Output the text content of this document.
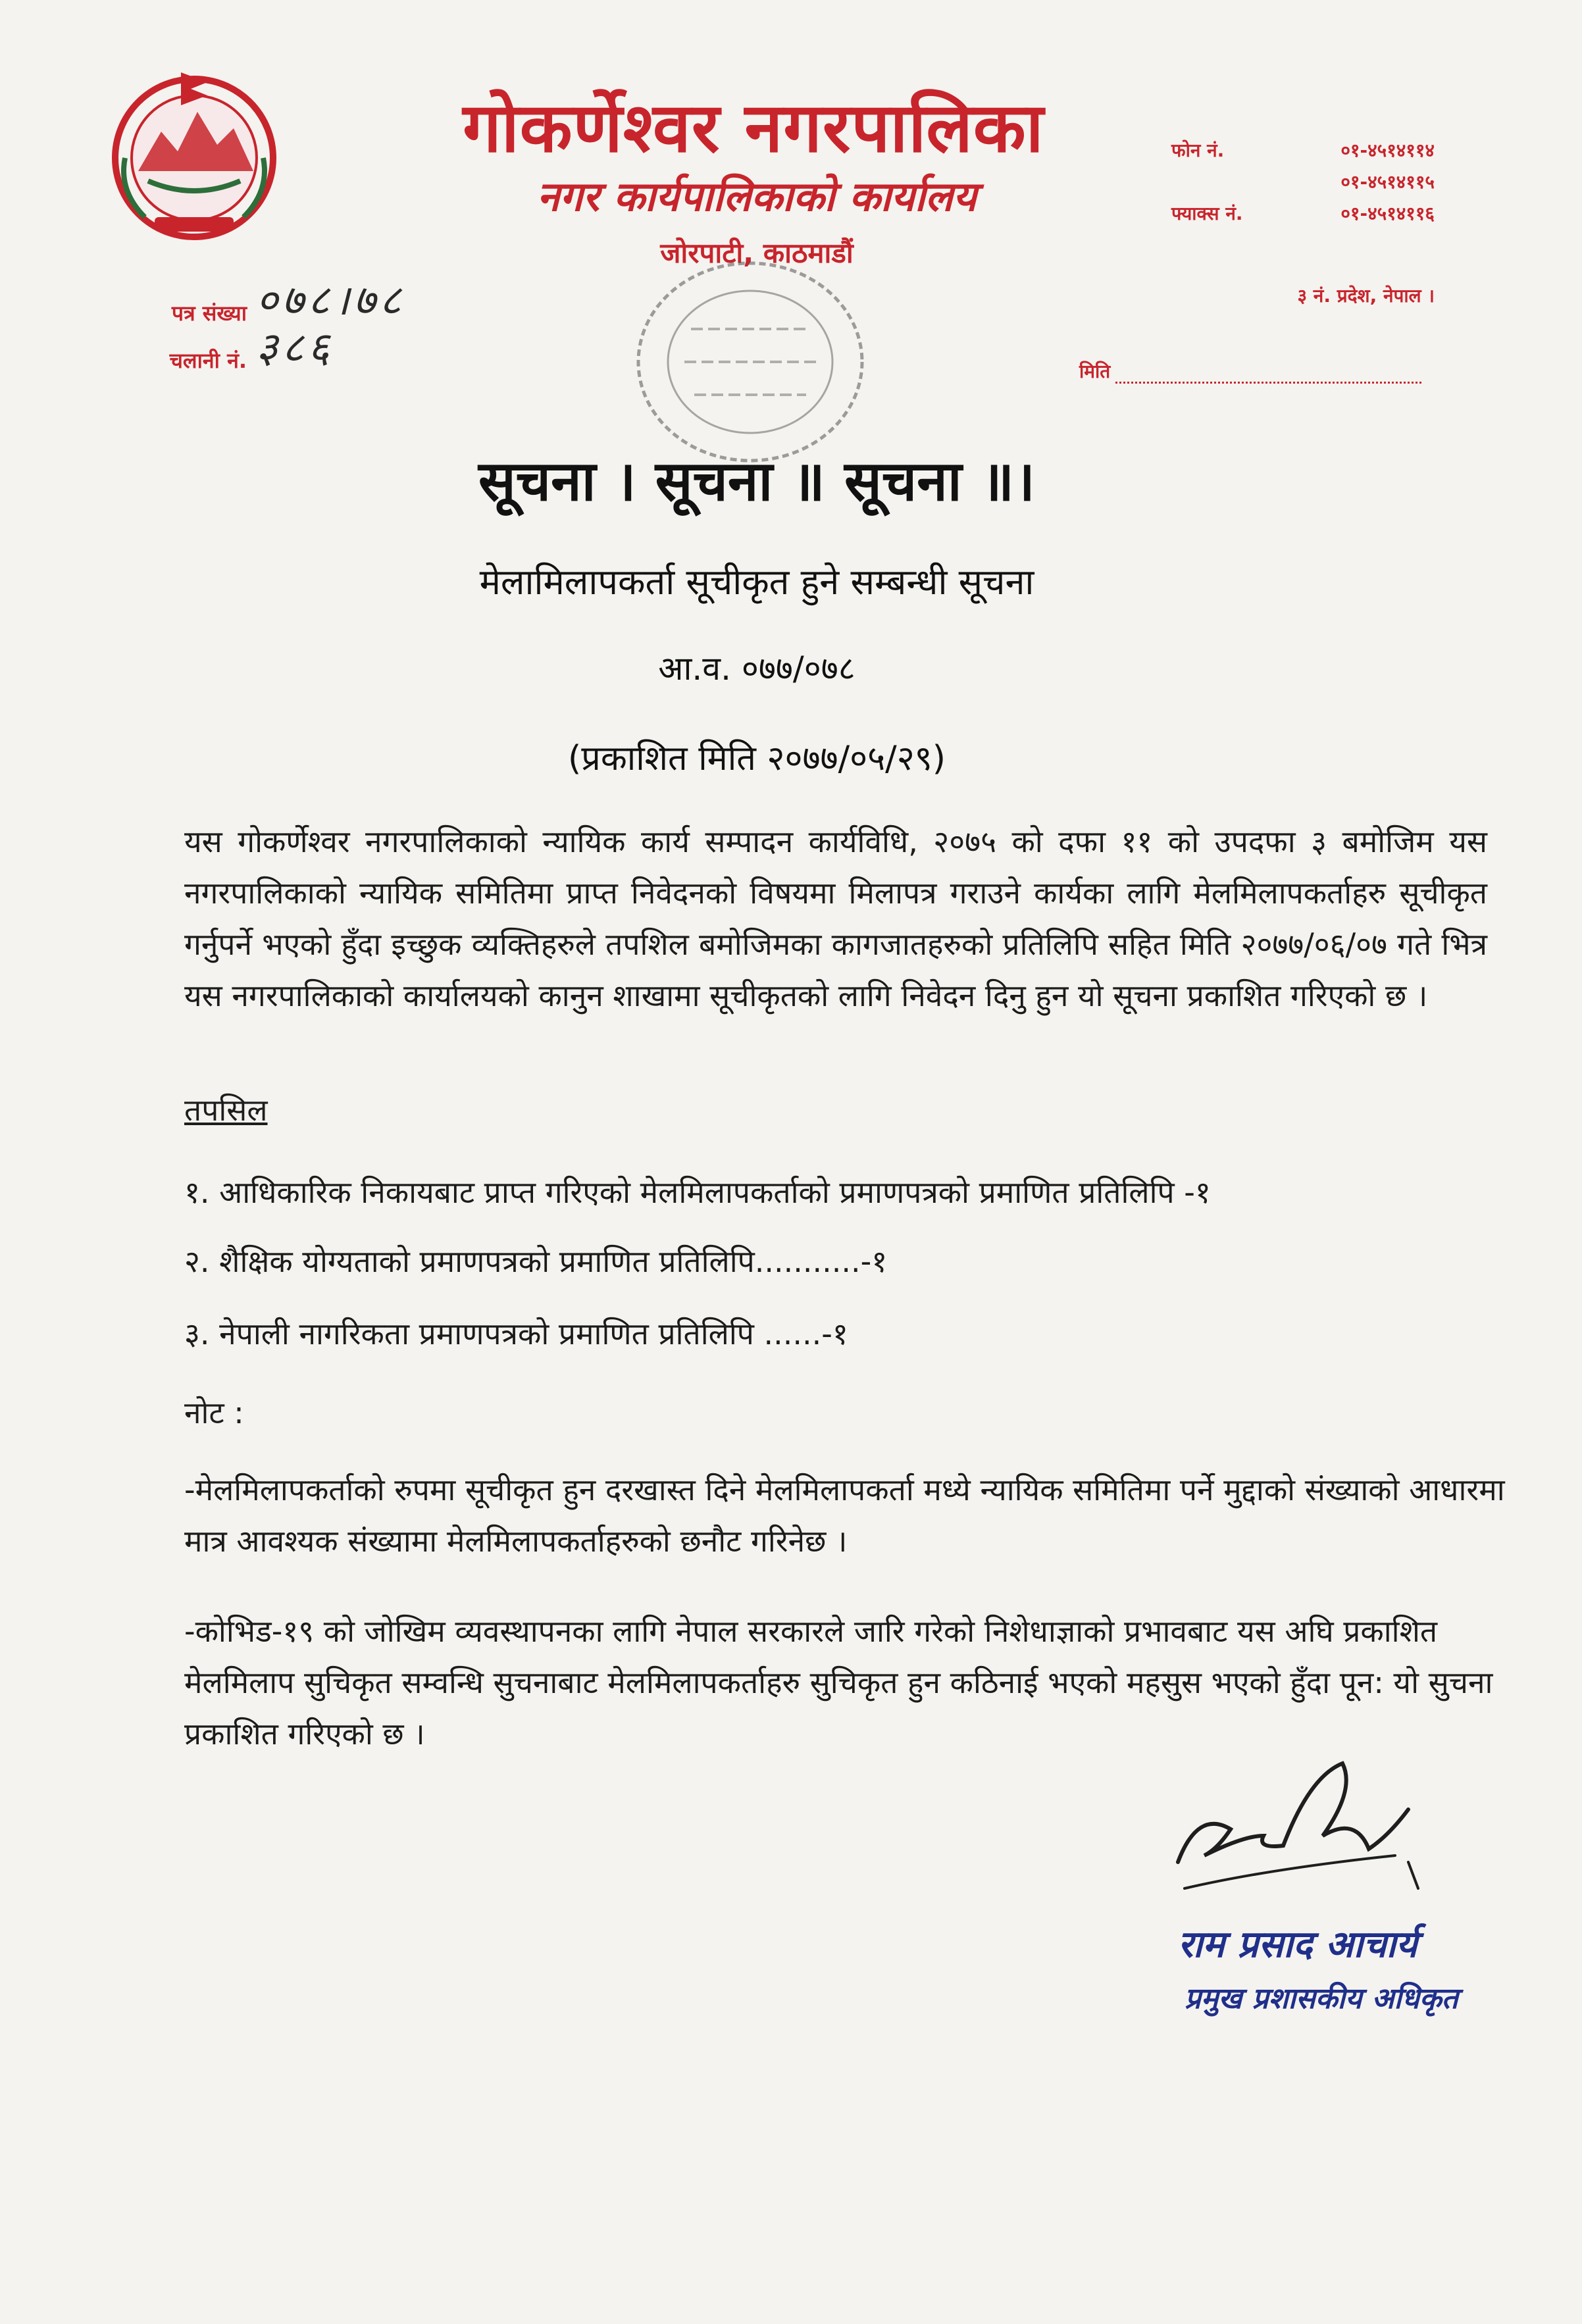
गोकर्णेश्वर नगरपालिका
नगर कार्यपालिकाको कार्यालय
जोरपाटी, काठमाडौं
फोन नं.	०१-४५१४११४
०१-४५१४११५
फ्याक्स नं.	०१-४५१४११६
३ नं. प्रदेश, नेपाल ।
मिति
पत्र संख्या ०७८।७८
चलानी नं. ३८६
सूचना । सूचना ॥ सूचना ॥।
मेलामिलापकर्ता सूचीकृत हुने सम्बन्धी सूचना
आ.व. ०७७/०७८
(प्रकाशित मिति २०७७/०५/२९)
यस गोकर्णेश्वर नगरपालिकाको न्यायिक कार्य सम्पादन कार्यविधि, २०७५ को दफा ११ को उपदफा ३ बमोजिम यस नगरपालिकाको न्यायिक समितिमा प्राप्त निवेदनको विषयमा मिलापत्र गराउने कार्यका लागि मेलमिलापकर्ताहरु सूचीकृत गर्नुपर्ने भएको हुँदा इच्छुक व्यक्तिहरुले तपशिल बमोजिमका कागजातहरुको प्रतिलिपि सहित मिति २०७७/०६/०७ गते भित्र यस नगरपालिकाको कार्यालयको कानुन शाखामा सूचीकृतको लागि निवेदन दिनु हुन यो सूचना प्रकाशित गरिएको छ ।
तपसिल
१. आधिकारिक निकायबाट प्राप्त गरिएको मेलमिलापकर्ताको प्रमाणपत्रको प्रमाणित प्रतिलिपि -१
२. शैक्षिक योग्यताको प्रमाणपत्रको प्रमाणित प्रतिलिपि...........-१
३. नेपाली नागरिकता प्रमाणपत्रको प्रमाणित प्रतिलिपि ......-१
नोट :
-मेलमिलापकर्ताको रुपमा सूचीकृत हुन दरखास्त दिने मेलमिलापकर्ता मध्ये न्यायिक समितिमा पर्ने मुद्दाको संख्याको आधारमा मात्र आवश्यक संख्यामा मेलमिलापकर्ताहरुको छनौट गरिनेछ ।
-कोभिड-१९ को जोखिम व्यवस्थापनका लागि नेपाल सरकारले जारि गरेको निशेधाज्ञाको प्रभावबाट यस अघि प्रकाशित मेलमिलाप सुचिकृत सम्वन्धि सुचनाबाट मेलमिलापकर्ताहरु सुचिकृत हुन कठिनाई भएको महसुस भएको हुँदा पून: यो सुचना प्रकाशित गरिएको छ ।
राम प्रसाद आचार्य
प्रमुख प्रशासकीय अधिकृत
